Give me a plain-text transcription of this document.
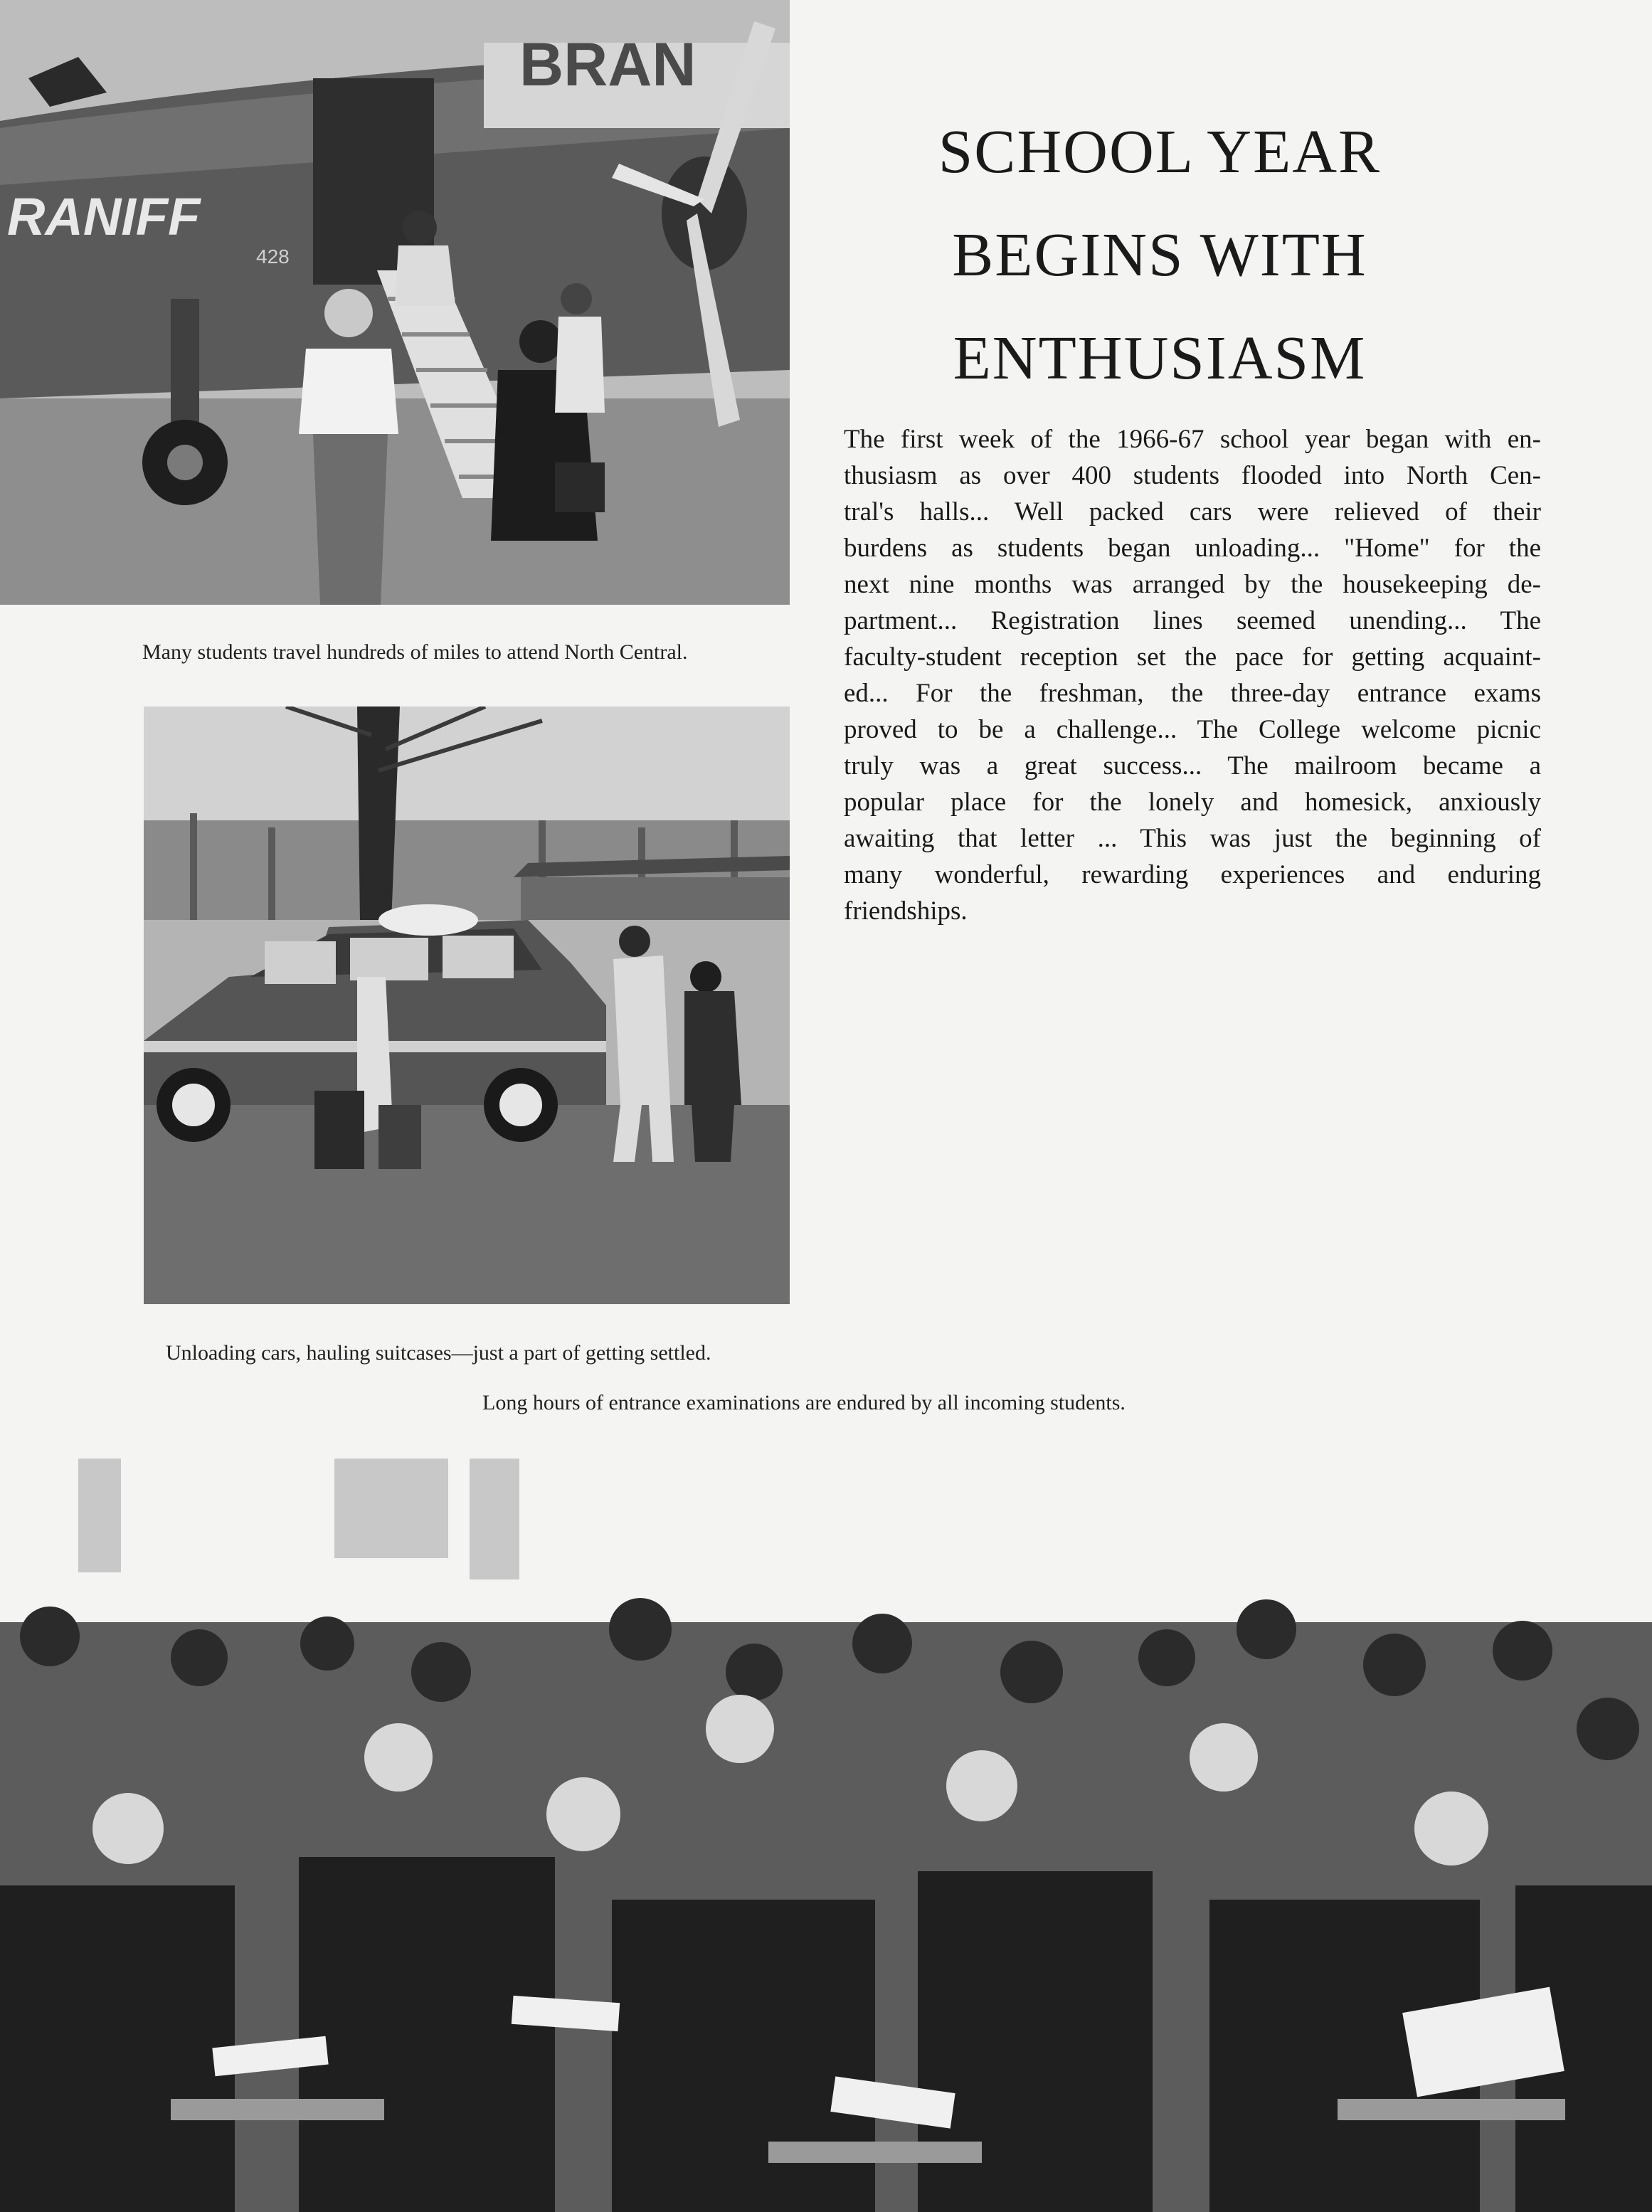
BRAN
RANIFF
428
Many students travel hundreds of miles to attend North Central.
SCHOOL YEAR
BEGINS WITH
ENTHUSIASM
The first week of the 1966-67 school year began with en-
thusiasm as over 400 students flooded into North Cen-
tral's halls... Well packed cars were relieved of their
burdens as students began unloading... "Home" for the
next nine months was arranged by the housekeeping de-
partment... Registration lines seemed unending... The
faculty-student reception set the pace for getting acquaint-
ed... For the freshman, the three-day entrance exams
proved to be a challenge... The College welcome picnic
truly was a great success... The mailroom became a
popular place for the lonely and homesick, anxiously
awaiting that letter ... This was just the beginning of
many wonderful, rewarding experiences and enduring
friendships.
Unloading cars, hauling suitcases—just a part of getting settled.
Long hours of entrance examinations are endured by all incoming students.
